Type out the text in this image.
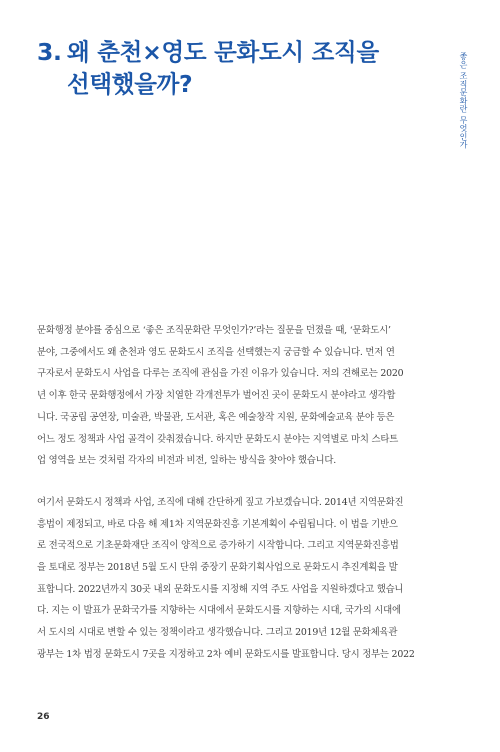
3. 왜 춘천×영도 문화도시 조직을
선택했을까?	좋은 조직문화란 무엇인가

문화행정 분야를 중심으로 ‘좋은 조직문화란 무엇인가?’라는 질문을 던졌을 때, ‘문화도시’

분야, 그중에서도 왜 춘천과 영도 문화도시 조직을 선택했는지 궁금할 수 있습니다. 먼저 연

구자로서 문화도시 사업을 다루는 조직에 관심을 가진 이유가 있습니다. 저의 견해로는 2020

년 이후 한국 문화행정에서 가장 치열한 각개전투가 벌어진 곳이 문화도시 분야라고 생각합

니다. 국공립 공연장, 미술관, 박물관, 도서관, 혹은 예술창작 지원, 문화예술교육 분야 등은

어느 정도 정책과 사업 골격이 갖춰졌습니다. 하지만 문화도시 분야는 지역별로 마치 스타트

업 영역을 보는 것처럼 각자의 비전과 비전, 일하는 방식을 찾아야 했습니다.

여기서 문화도시 정책과 사업, 조직에 대해 간단하게 짚고 가보겠습니다. 2014년 지역문화진

흥법이 제정되고, 바로 다음 해 제1차 지역문화진흥 기본계획이 수립됩니다. 이 법을 기반으

로 전국적으로 기초문화재단 조직이 양적으로 증가하기 시작합니다. 그리고 지역문화진흥법

을 토대로 정부는 2018년 5월 도시 단위 중장기 문화기획사업으로 문화도시 추진계획을 발

표합니다. 2022년까지 30곳 내외 문화도시를 지정해 지역 주도 사업을 지원하겠다고 했습니

다. 지는 이 발표가 문화국가를 지향하는 시대에서 문화도시를 지향하는 시대, 국가의 시대에

서 도시의 시대로 변할 수 있는 정책이라고 생각했습니다. 그리고 2019년 12월 문화체육관

광부는 1차 법정 문화도시 7곳을 지정하고 2차 예비 문화도시를 발표합니다. 당시 정부는 2022

26
